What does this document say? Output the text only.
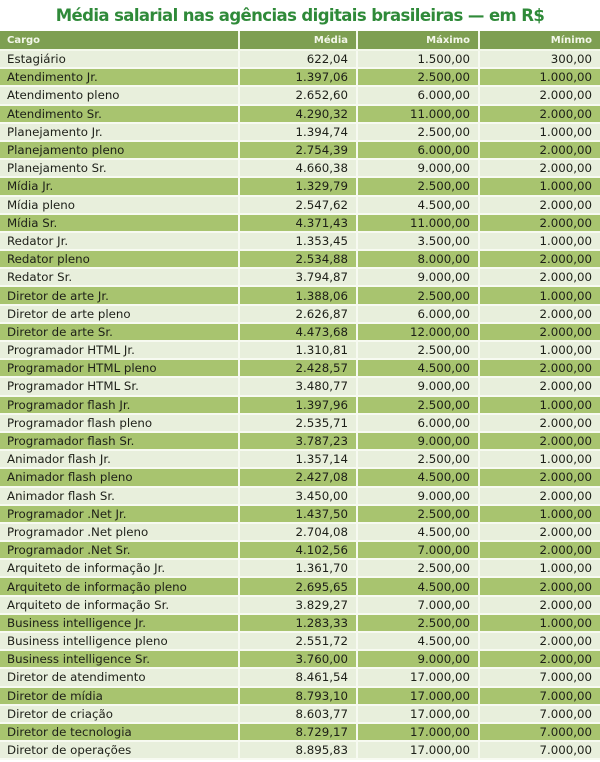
Média salarial nas agências digitais brasileiras — em R$
Cargo	Média	Máximo	Mínimo
Estagiário	622,04	1.500,00	300,00
Atendimento Jr.	1.397,06	2.500,00	1.000,00
Atendimento pleno	2.652,60	6.000,00	2.000,00
Atendimento Sr.	4.290,32	11.000,00	2.000,00
Planejamento Jr.	1.394,74	2.500,00	1.000,00
Planejamento pleno	2.754,39	6.000,00	2.000,00
Planejamento Sr.	4.660,38	9.000,00	2.000,00
Mídia Jr.	1.329,79	2.500,00	1.000,00
Mídia pleno	2.547,62	4.500,00	2.000,00
Mídia Sr.	4.371,43	11.000,00	2.000,00
Redator Jr.	1.353,45	3.500,00	1.000,00
Redator pleno	2.534,88	8.000,00	2.000,00
Redator Sr.	3.794,87	9.000,00	2.000,00
Diretor de arte Jr.	1.388,06	2.500,00	1.000,00
Diretor de arte pleno	2.626,87	6.000,00	2.000,00
Diretor de arte Sr.	4.473,68	12.000,00	2.000,00
Programador HTML Jr.	1.310,81	2.500,00	1.000,00
Programador HTML pleno	2.428,57	4.500,00	2.000,00
Programador HTML Sr.	3.480,77	9.000,00	2.000,00
Programador flash Jr.	1.397,96	2.500,00	1.000,00
Programador flash pleno	2.535,71	6.000,00	2.000,00
Programador flash Sr.	3.787,23	9.000,00	2.000,00
Animador flash Jr.	1.357,14	2.500,00	1.000,00
Animador flash pleno	2.427,08	4.500,00	2.000,00
Animador flash Sr.	3.450,00	9.000,00	2.000,00
Programador .Net Jr.	1.437,50	2.500,00	1.000,00
Programador .Net pleno	2.704,08	4.500,00	2.000,00
Programador .Net Sr.	4.102,56	7.000,00	2.000,00
Arquiteto de informação Jr.	1.361,70	2.500,00	1.000,00
Arquiteto de informação pleno	2.695,65	4.500,00	2.000,00
Arquiteto de informação Sr.	3.829,27	7.000,00	2.000,00
Business intelligence Jr.	1.283,33	2.500,00	1.000,00
Business intelligence pleno	2.551,72	4.500,00	2.000,00
Business intelligence Sr.	3.760,00	9.000,00	2.000,00
Diretor de atendimento	8.461,54	17.000,00	7.000,00
Diretor de mídia	8.793,10	17.000,00	7.000,00
Diretor de criação	8.603,77	17.000,00	7.000,00
Diretor de tecnologia	8.729,17	17.000,00	7.000,00
Diretor de operações	8.895,83	17.000,00	7.000,00
